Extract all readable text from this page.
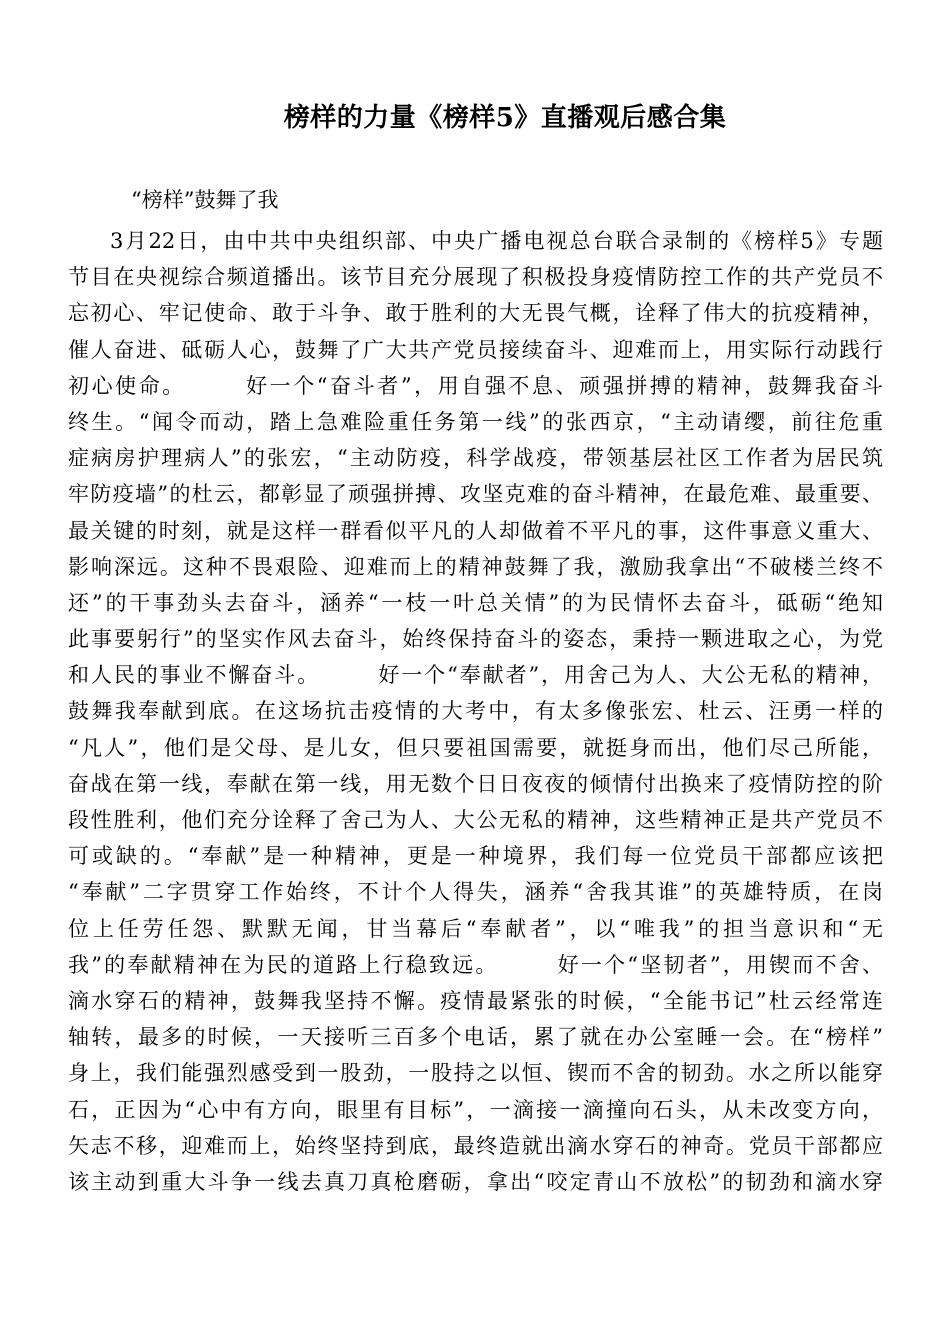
榜样的力量《榜样5》直播观后感合集
“榜样”鼓舞了我
3月22日，由中共中央组织部、中央广播电视总台联合录制的《榜样5》专题
节目在央视综合频道播出。该节目充分展现了积极投身疫情防控工作的共产党员不
忘初心、牢记使命、敢于斗争、敢于胜利的大无畏气概，诠释了伟大的抗疫精神，
催人奋进、砥砺人心，鼓舞了广大共产党员接续奋斗、迎难而上，用实际行动践行
初心使命。　　　好一个“奋斗者”，用自强不息、顽强拼搏的精神，鼓舞我奋斗
终生。“闻令而动，踏上急难险重任务第一线”的张西京，“主动请缨，前往危重
症病房护理病人”的张宏，“主动防疫，科学战疫，带领基层社区工作者为居民筑
牢防疫墙”的杜云，都彰显了顽强拼搏、攻坚克难的奋斗精神，在最危难、最重要、
最关键的时刻，就是这样一群看似平凡的人却做着不平凡的事，这件事意义重大、
影响深远。这种不畏艰险、迎难而上的精神鼓舞了我，激励我拿出“不破楼兰终不
还”的干事劲头去奋斗，涵养“一枝一叶总关情”的为民情怀去奋斗，砥砺“绝知
此事要躬行”的坚实作风去奋斗，始终保持奋斗的姿态，秉持一颗进取之心，为党
和人民的事业不懈奋斗。　　　好一个“奉献者”，用舍己为人、大公无私的精神，
鼓舞我奉献到底。在这场抗击疫情的大考中，有太多像张宏、杜云、汪勇一样的
“凡人”，他们是父母、是儿女，但只要祖国需要，就挺身而出，他们尽己所能，
奋战在第一线，奉献在第一线，用无数个日日夜夜的倾情付出换来了疫情防控的阶
段性胜利，他们充分诠释了舍己为人、大公无私的精神，这些精神正是共产党员不
可或缺的。“奉献”是一种精神，更是一种境界，我们每一位党员干部都应该把
“奉献”二字贯穿工作始终，不计个人得失，涵养“舍我其谁”的英雄特质，在岗
位上任劳任怨、默默无闻，甘当幕后“奉献者”，以“唯我”的担当意识和“无
我”的奉献精神在为民的道路上行稳致远。　　　好一个“坚韧者”，用锲而不舍、
滴水穿石的精神，鼓舞我坚持不懈。疫情最紧张的时候，“全能书记”杜云经常连
轴转，最多的时候，一天接听三百多个电话，累了就在办公室睡一会。在“榜样”
身上，我们能强烈感受到一股劲，一股持之以恒、锲而不舍的韧劲。水之所以能穿
石，正因为“心中有方向，眼里有目标”，一滴接一滴撞向石头，从未改变方向，
矢志不移，迎难而上，始终坚持到底，最终造就出滴水穿石的神奇。党员干部都应
该主动到重大斗争一线去真刀真枪磨砺，拿出“咬定青山不放松”的韧劲和滴水穿
